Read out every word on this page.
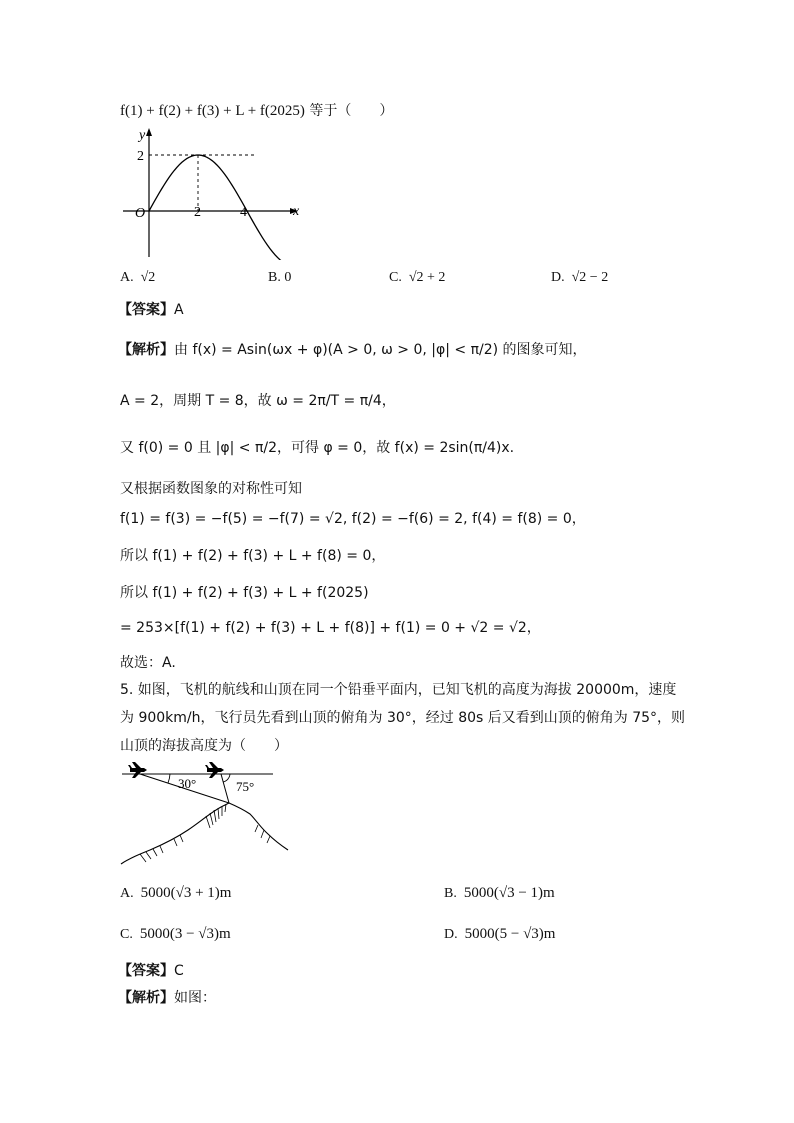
f(1) + f(2) + f(3) + L + f(2025) 等于（　　）
y
x
O
2
2	4
A. √2	B. 0	C. √2 + 2	D. √2 − 2
【答案】A
【解析】由 f(x) = Asin(ωx + φ)(A > 0, ω > 0, |φ| < π/2) 的图象可知，
A = 2，周期 T = 8，故 ω = 2π/T = π/4，
又 f(0) = 0 且 |φ| < π/2，可得 φ = 0，故 f(x) = 2sin(π/4)x.
又根据函数图象的对称性可知
f(1) = f(3) = −f(5) = −f(7) = √2, f(2) = −f(6) = 2, f(4) = f(8) = 0，
所以 f(1) + f(2) + f(3) + L + f(8) = 0，
所以 f(1) + f(2) + f(3) + L + f(2025)
= 253×[f(1) + f(2) + f(3) + L + f(8)] + f(1) = 0 + √2 = √2，
故选：A.
5. 如图，飞机的航线和山顶在同一个铅垂平面内，已知飞机的高度为海拔 20000m，速度
为 900km/h，飞行员先看到山顶的俯角为 30°，经过 80s 后又看到山顶的俯角为 75°，则
山顶的海拔高度为（　　）
30°	75°
A. 5000(√3 + 1)m	B. 5000(√3 − 1)m
C. 5000(3 − √3)m	D. 5000(5 − √3)m
【答案】C
【解析】如图：
